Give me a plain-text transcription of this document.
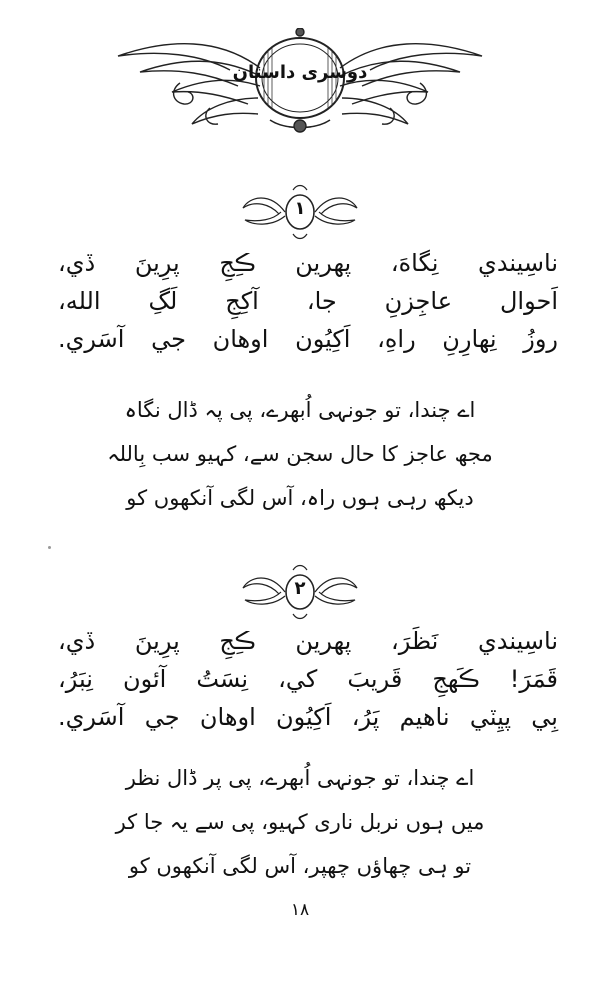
دوسری داستان
١
ناسِيندي نِگاهَ، پهرين ڪِجِ پرِينَ ڏي،
اَحوال عاجِزنِ جا، آکِجِ لَگِ الله،
روزُ نِهارِنِ راهِ، اَکِيُون اوهان جي آسَري.
اے چندا، تو جونہی اُبھرے، پی پہ ڈال نگاہ
مجھ عاجز کا حال سجن سے، کہیو سب بِاللہ
دیکھ رہی ہوں راہ، آس لگی آنکھوں کو
٢
ناسِيندي نَظَرَ، پهرين ڪِجِ پرِينَ ڏي،
قَمَرَ! ڪَهجِ قَريبَ کي، نِسَتُ آئون نِبَرُ،
بِي پيِٽي ناهيم پَرُ، اَکِيُون اوهان جي آسَري.
اے چندا، تو جونہی اُبھرے، پی پر ڈال نظر
میں ہوں نربل ناری کہیو، پی سے یہ جا کر
تو ہی چھاؤں چھپر، آس لگی آنکھوں کو
١٨
